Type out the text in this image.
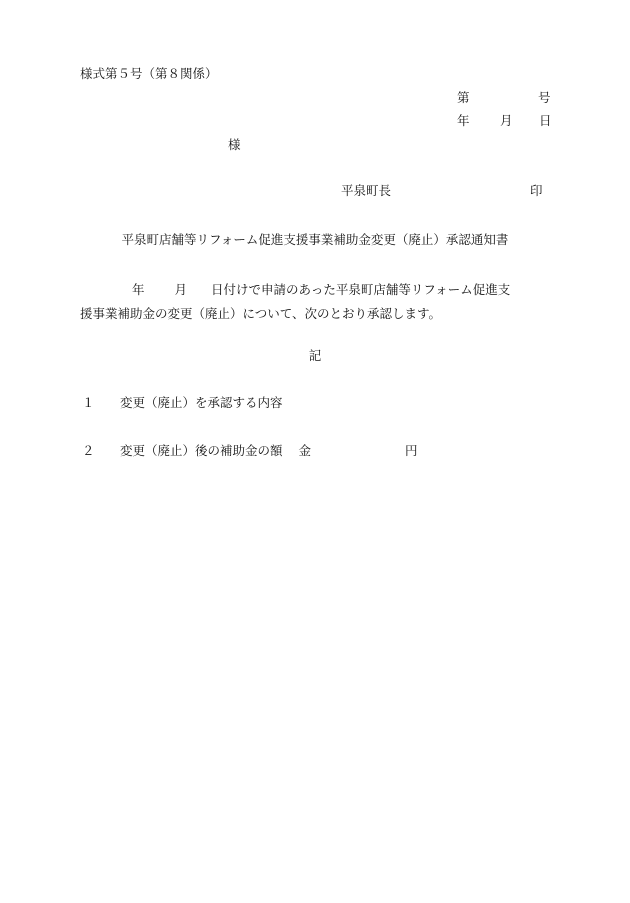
様式第５号（第８関係）
第	号
年 月 日
様
平泉町長	印
平泉町店舗等リフォーム促進支援事業補助金変更（廃止）承認通知書
年 月 日付けで申請のあった平泉町店舗等リフォーム促進支
援事業補助金の変更（廃止）について、次のとおり承認します。
記
１ 変更（廃止）を承認する内容
２ 変更（廃止）後の補助金の額 金	円
